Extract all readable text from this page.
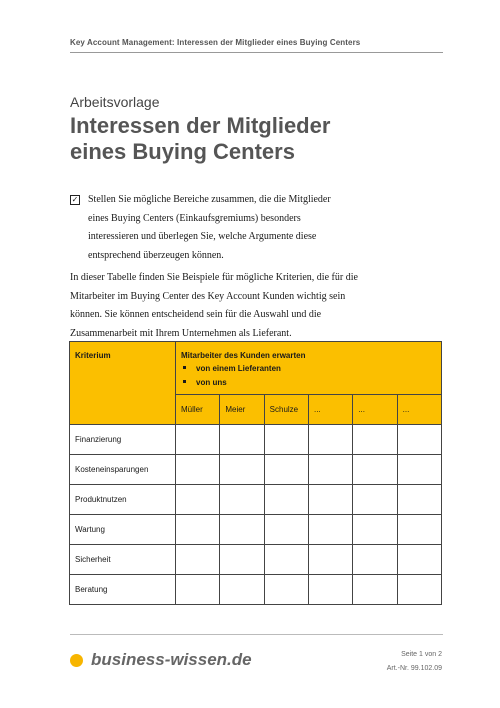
Key Account Management: Interessen der Mitglieder eines Buying Centers
Arbeitsvorlage
Interessen der Mitglieder
eines Buying Centers
✓ Stellen Sie mögliche Bereiche zusammen, die die Mitglieder eines Buying Centers (Einkaufsgremiums) besonders interessieren und überlegen Sie, welche Argumente diese entsprechend überzeugen können.
In dieser Tabelle finden Sie Beispiele für mögliche Kriterien, die für die Mitarbeiter im Buying Center des Key Account Kunden wichtig sein können. Sie können entscheidend sein für die Auswahl und die Zusammenarbeit mit Ihrem Unternehmen als Lieferant.
Kriterium	Mitarbeiter des Kunden erwarten
von einem Lieferanten
von uns					

	Müller	Meier	Schulze	...	...	...
Finanzierung						
Kosteneinsparungen						
Produktnutzen						
Wartung						
Sicherheit						
Beratung						
business-wissen.de	Seite 1 von 2
Art.-Nr. 99.102.09
